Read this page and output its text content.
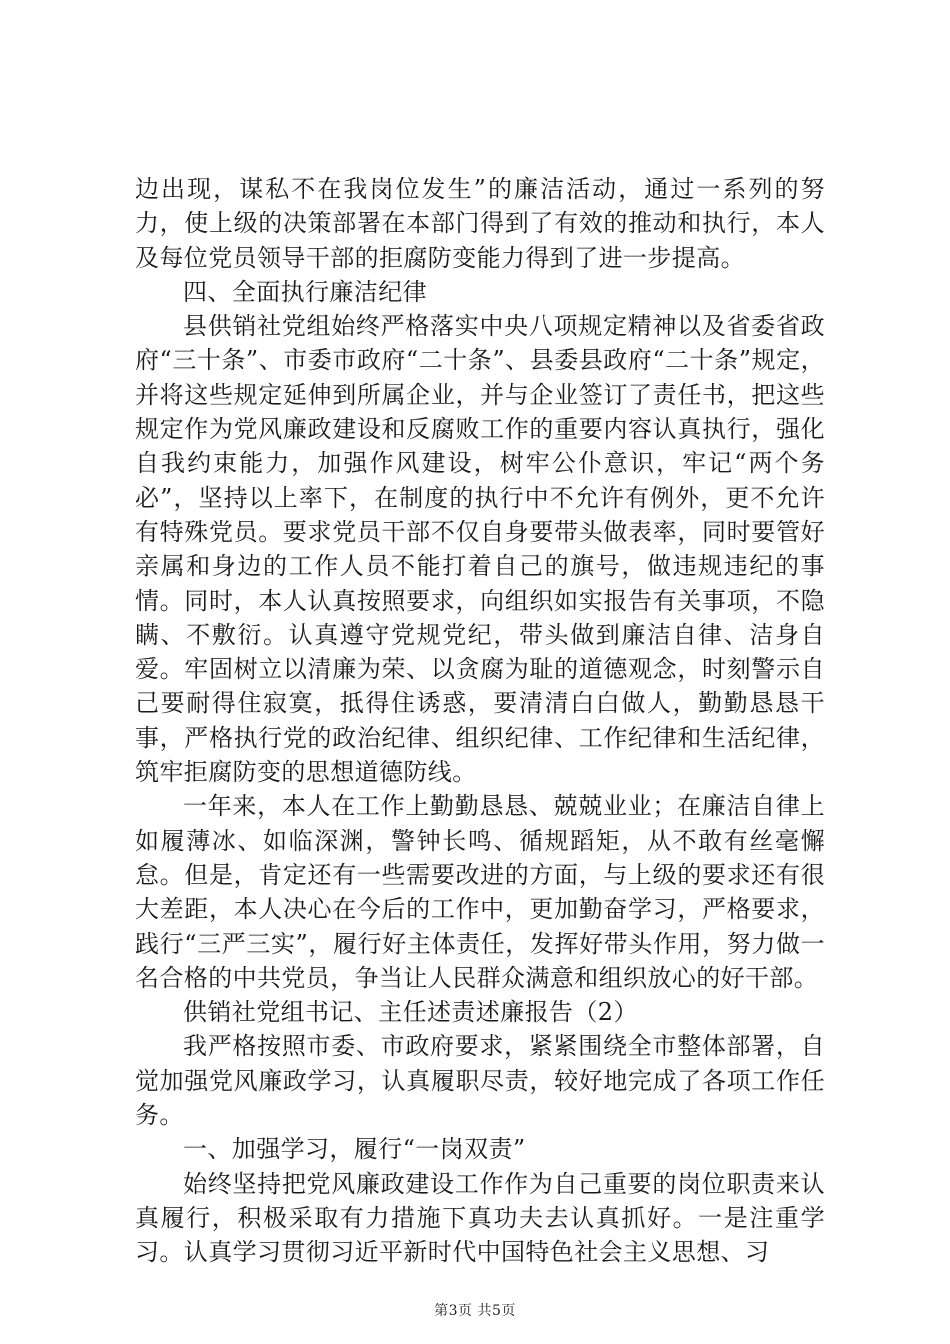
边出现，谋私不在我岗位发生”的廉洁活动，通过一系列的努力，使上级的决策部署在本部门得到了有效的推动和执行，本人及每位党员领导干部的拒腐防变能力得到了进一步提高。

四、全面执行廉洁纪律

县供销社党组始终严格落实中央八项规定精神以及省委省政府“三十条”、市委市政府“二十条”、县委县政府“二十条”规定，并将这些规定延伸到所属企业，并与企业签订了责任书，把这些规定作为党风廉政建设和反腐败工作的重要内容认真执行，强化自我约束能力，加强作风建设，树牢公仆意识，牢记“两个务必”，坚持以上率下，在制度的执行中不允许有例外，更不允许有特殊党员。要求党员干部不仅自身要带头做表率，同时要管好亲属和身边的工作人员不能打着自己的旗号，做违规违纪的事情。同时，本人认真按照要求，向组织如实报告有关事项，不隐瞒、不敷衍。认真遵守党规党纪，带头做到廉洁自律、洁身自爱。牢固树立以清廉为荣、以贪腐为耻的道德观念，时刻警示自己要耐得住寂寞，抵得住诱惑，要清清白白做人，勤勤恳恳干事，严格执行党的政治纪律、组织纪律、工作纪律和生活纪律，筑牢拒腐防变的思想道德防线。

一年来，本人在工作上勤勤恳恳、兢兢业业；在廉洁自律上如履薄冰、如临深渊，警钟长鸣、循规蹈矩，从不敢有丝毫懈怠。但是，肯定还有一些需要改进的方面，与上级的要求还有很大差距，本人决心在今后的工作中，更加勤奋学习，严格要求，践行“三严三实”，履行好主体责任，发挥好带头作用，努力做一名合格的中共党员，争当让人民群众满意和组织放心的好干部。

供销社党组书记、主任述责述廉报告（2）

我严格按照市委、市政府要求，紧紧围绕全市整体部署，自觉加强党风廉政学习，认真履职尽责，较好地完成了各项工作任务。

一、加强学习，履行“一岗双责”

始终坚持把党风廉政建设工作作为自己重要的岗位职责来认真履行，积极采取有力措施下真功夫去认真抓好。一是注重学习。认真学习贯彻习近平新时代中国特色社会主义思想、习

第3页 共5页
